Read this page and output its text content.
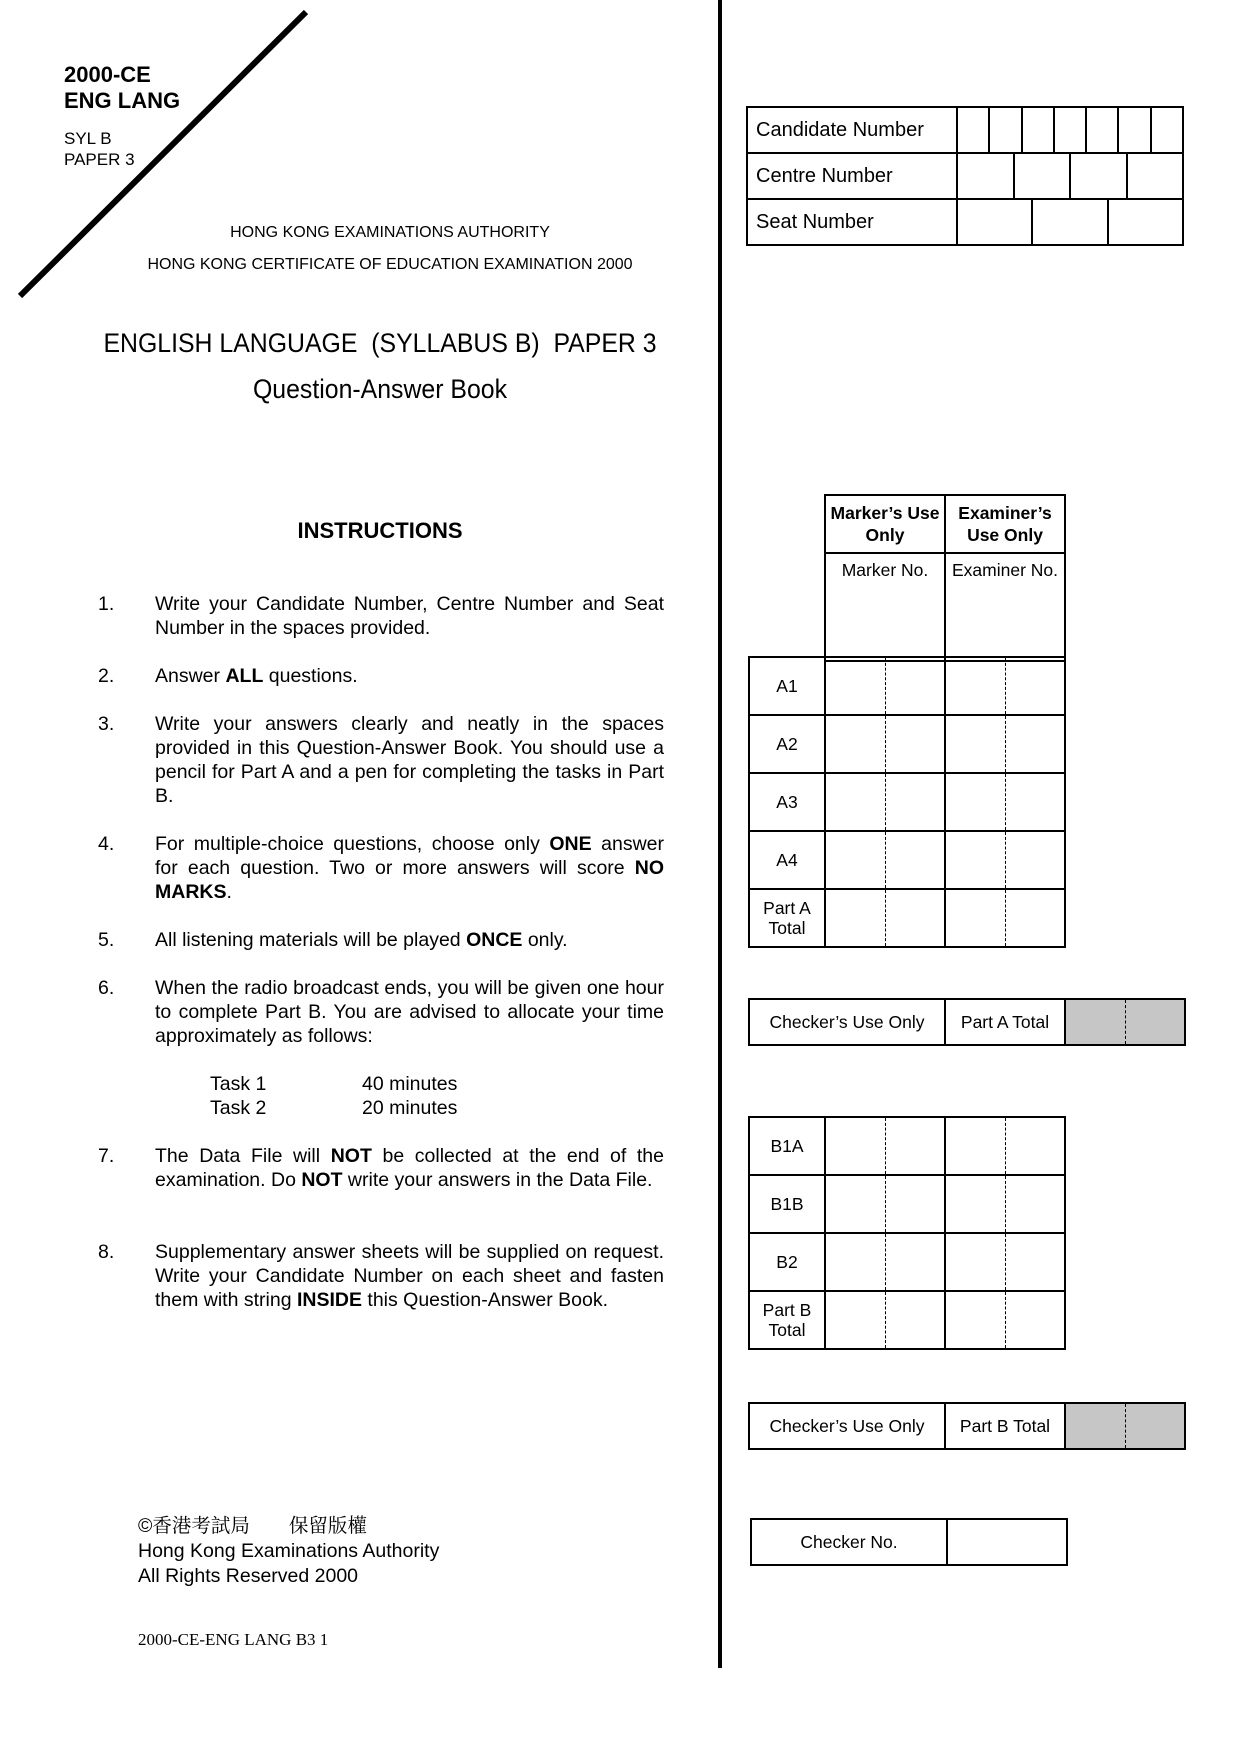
2000-CE
ENG LANG
SYL B
PAPER 3
HONG KONG EXAMINATIONS AUTHORITY
HONG KONG CERTIFICATE OF EDUCATION EXAMINATION 2000
ENGLISH LANGUAGE  (SYLLABUS B)  PAPER 3
Question-Answer Book
INSTRUCTIONS
1. Write your Candidate Number, Centre Number and Seat Number in the spaces provided.
2. Answer ALL questions.
3. Write your answers clearly and neatly in the spaces provided in this Question-Answer Book. You should use a pencil for Part A and a pen for completing the tasks in Part B.
4. For multiple-choice questions, choose only ONE answer for each question. Two or more answers will score NO MARKS.
5. All listening materials will be played ONCE only.
6. When the radio broadcast ends, you will be given one hour to complete Part B. You are advised to allocate your time approximately as follows:
Task 1	40 minutes
Task 2	20 minutes
7. The Data File will NOT be collected at the end of the examination. Do NOT write your answers in the Data File.
8. Supplementary answer sheets will be supplied on request. Write your Candidate Number on each sheet and fasten them with string INSIDE this Question-Answer Book.
©香港考試局　　保留版權
Hong Kong Examinations Authority
All Rights Reserved 2000
2000-CE-ENG LANG B3 1
Candidate Number	

Centre Number	

Seat Number	
Marker’s Use Only	Examiner’s Use Only
Marker No.	Examiner No.
A1		
A2		
A3		
A4		
Part A Total		
Checker’s Use Only	Part A Total	
B1A		
B1B		
B2		
Part B Total		
Checker’s Use Only	Part B Total	
Checker No.	
